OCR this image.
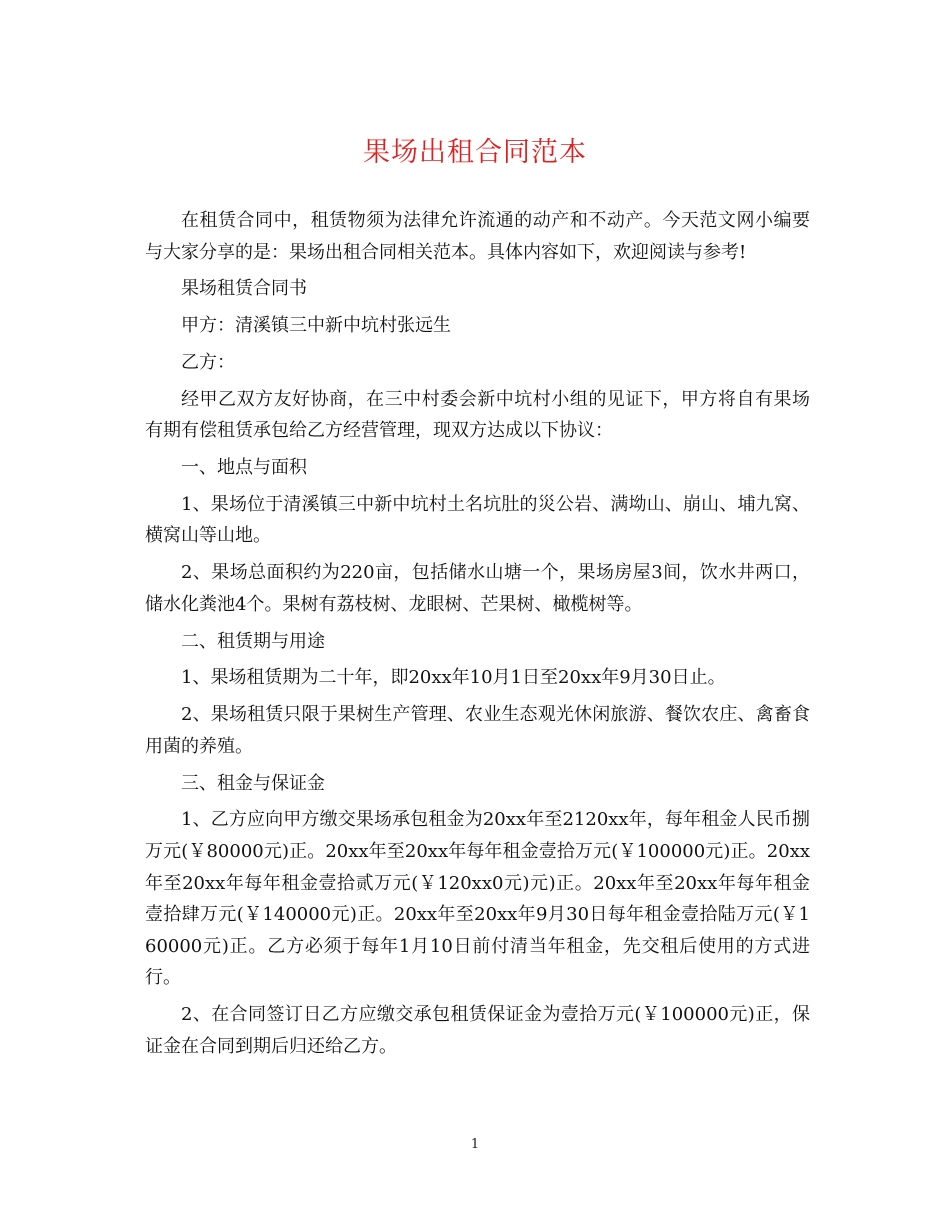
果场出租合同范本

在租赁合同中，租赁物须为法律允许流通的动产和不动产。今天范文网小编要与大家分享的是：果场出租合同相关范本。具体内容如下，欢迎阅读与参考!

果场租赁合同书

甲方：清溪镇三中新中坑村张远生

乙方：

经甲乙双方友好协商，在三中村委会新中坑村小组的见证下，甲方将自有果场有期有偿租赁承包给乙方经营管理，现双方达成以下协议：

一、地点与面积

1、果场位于清溪镇三中新中坑村土名坑肚的災公岩、满坳山、崩山、埔九窝、横窝山等山地。

2、果场总面积约为220亩，包括储水山塘一个，果场房屋3间，饮水井两口，储水化粪池4个。果树有荔枝树、龙眼树、芒果树、橄榄树等。

二、租赁期与用途

1、果场租赁期为二十年，即20xx年10月1日至20xx年9月30日止。

2、果场租赁只限于果树生产管理、农业生态观光休闲旅游、餐饮农庄、禽畜食用菌的养殖。

三、租金与保证金

1、乙方应向甲方缴交果场承包租金为20xx年至2120xx年，每年租金人民币捌万元(￥80000元)正。20xx年至20xx年每年租金壹拾万元(￥100000元)正。20xx年至20xx年每年租金壹拾贰万元(￥120xx0元)元)正。20xx年至20xx年每年租金壹拾肆万元(￥140000元)正。20xx年至20xx年9月30日每年租金壹拾陆万元(￥160000元)正。乙方必须于每年1月10日前付清当年租金，先交租后使用的方式进行。

2、在合同签订日乙方应缴交承包租赁保证金为壹拾万元(￥100000元)正，保证金在合同到期后归还给乙方。

1
